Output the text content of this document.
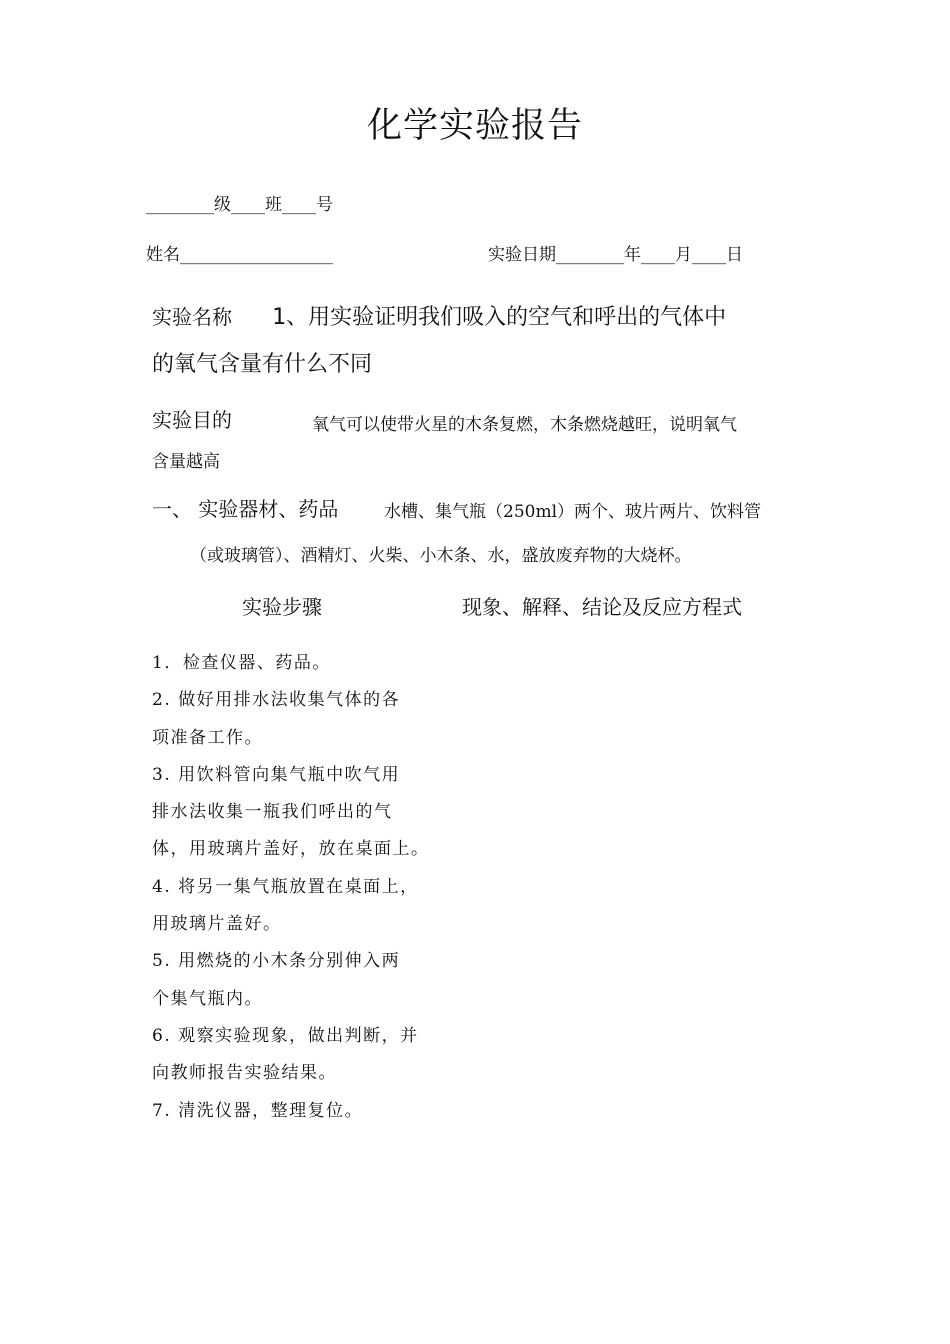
化学实验报告
________级____班____号
姓名__________________	实验日期________年____月____日
实验名称 1、用实验证明我们吸入的空气和呼出的气体中
的氧气含量有什么不同
实验目的	氧气可以使带火星的木条复燃，木条燃烧越旺，说明氧气
含量越高
一、 实验器材、药品	水槽、集气瓶（250ml）两个、玻片两片、饮料管
（或玻璃管）、酒精灯、火柴、小木条、水，盛放废弃物的大烧杯。
实验步骤	现象、解释、结论及反应方程式
1．检查仪器、药品。
2. 做好用排水法收集气体的各
项准备工作。
3. 用饮料管向集气瓶中吹气用
排水法收集一瓶我们呼出的气
体，用玻璃片盖好，放在桌面上。
4. 将另一集气瓶放置在桌面上，
用玻璃片盖好。
5. 用燃烧的小木条分别伸入两
个集气瓶内。
6. 观察实验现象，做出判断，并
向教师报告实验结果。
7. 清洗仪器，整理复位。
